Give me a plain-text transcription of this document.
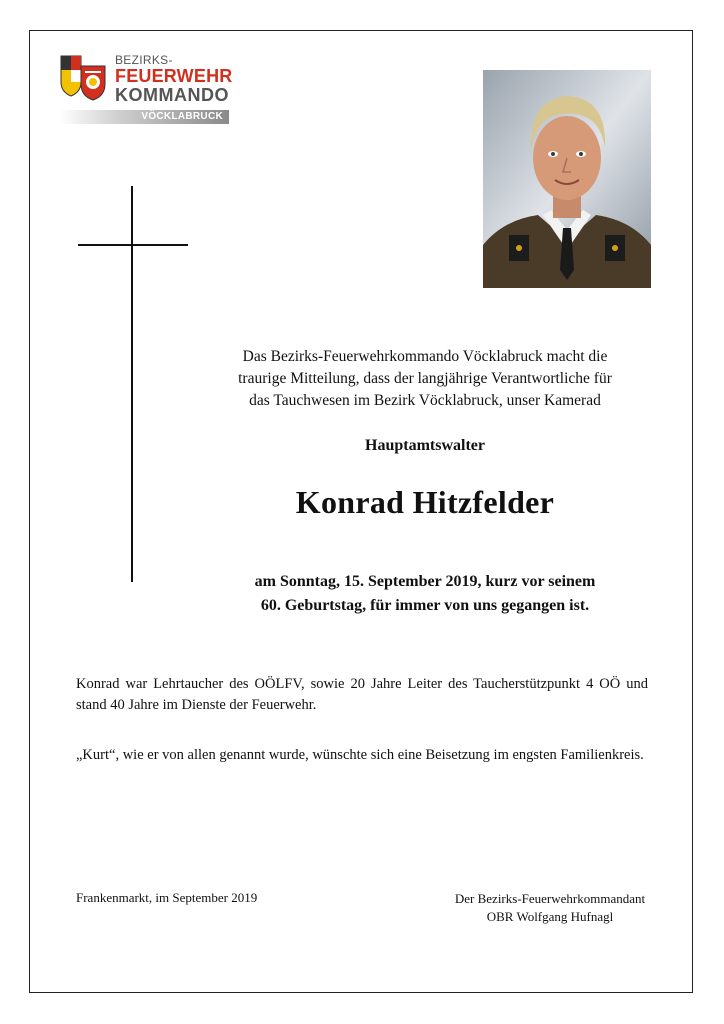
BEZIRKS-
FEUERWEHR
KOMMANDO
VÖCKLABRUCK
Das Bezirks-Feuerwehrkommando Vöcklabruck macht die
traurige Mitteilung, dass der langjährige Verantwortliche für
das Tauchwesen im Bezirk Vöcklabruck, unser Kamerad
Hauptamtswalter
Konrad Hitzfelder
am Sonntag, 15. September 2019, kurz vor seinem
60. Geburtstag, für immer von uns gegangen ist.
Konrad war Lehrtaucher des OÖLFV, sowie 20 Jahre Leiter des Taucherstützpunkt 4 OÖ und stand 40 Jahre im Dienste der Feuerwehr.
„Kurt“, wie er von allen genannt wurde, wünschte sich eine Beisetzung im engsten Familienkreis.
Frankenmarkt, im September 2019	Der Bezirks-Feuerwehrkommandant
OBR Wolfgang Hufnagl
